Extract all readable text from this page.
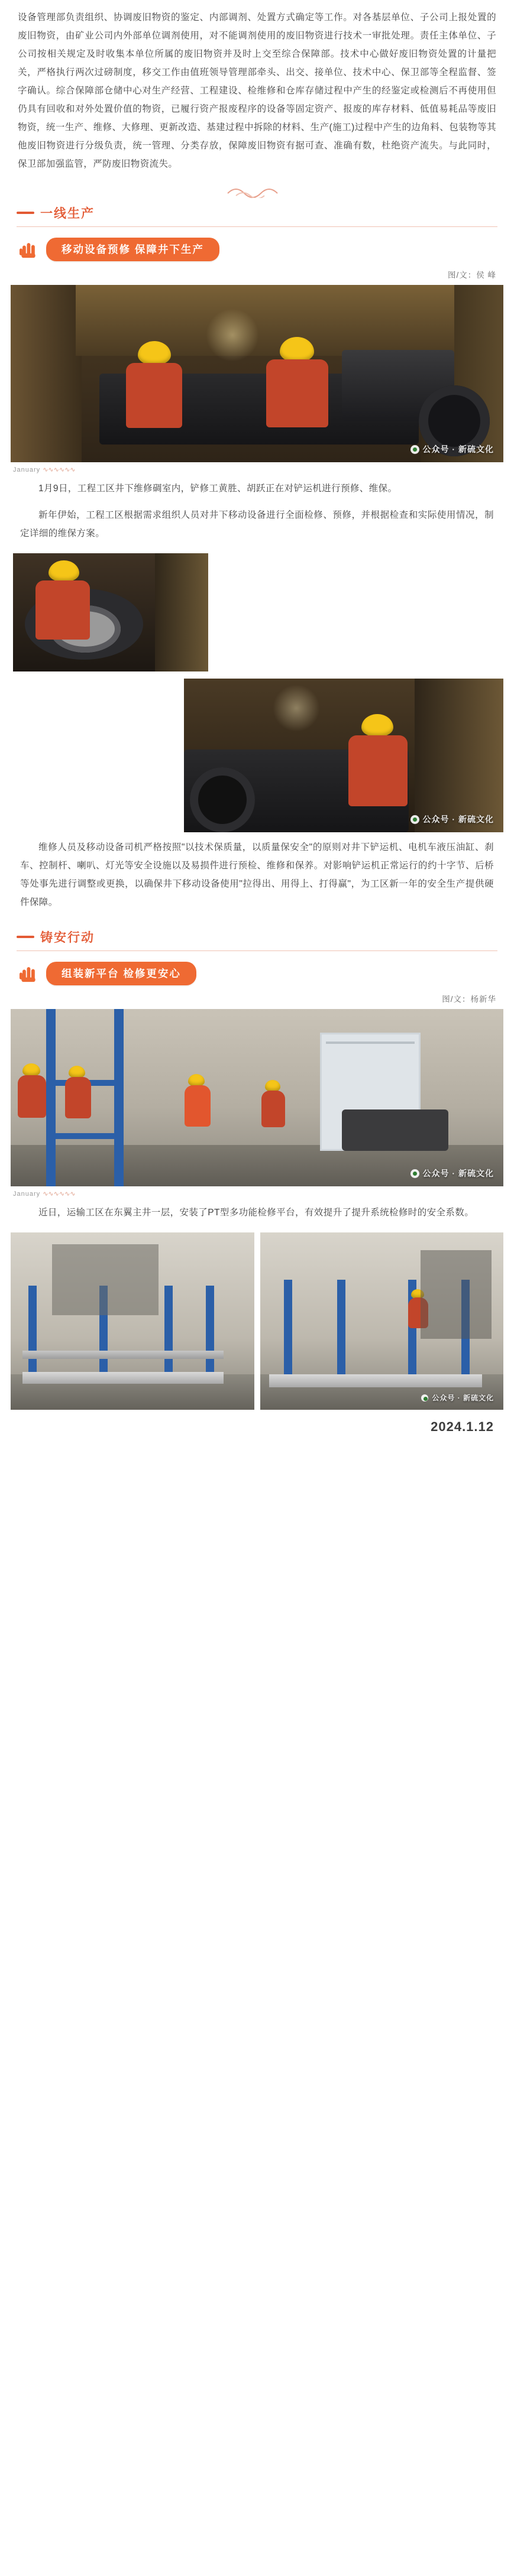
设备管理部负责组织、协调废旧物资的鉴定、内部调剂、处置方式确定等工作。对各基层单位、子公司上报处置的废旧物资，由矿业公司内外部单位调剂使用，对不能调剂使用的废旧物资进行技术一审批处理。责任主体单位、子公司按相关规定及时收集本单位所属的废旧物资并及时上交至综合保障部。技术中心做好废旧物资处置的计量把关，严格执行两次过磅制度，移交工作由值班领导管理部牵头、出交、接单位、技术中心、保卫部等全程监督、签字确认。综合保障部仓储中心对生产经营、工程建设、检维修和仓库存储过程中产生的经鉴定或检测后不再使用但仍具有回收和对外处置价值的物资，已履行资产报废程序的设备等固定资产、报废的库存材料、低值易耗品等废旧物资，统一生产、维修、大修理、更新改造、基建过程中拆除的材料、生产(施工)过程中产生的边角料、包装物等其他废旧物资进行分级负责，统一管理、分类存放，保障废旧物资有据可查、准确有数，杜绝资产流失。与此同时，保卫部加强监管，严防废旧物资流失。
一线生产
移动设备预修 保障井下生产
图/文：侯 峰
公众号 · 新硫文化
January ∿∿∿∿∿∿
1月9日，工程工区井下维修碉室内，铲修工黄胜、胡跃正在对铲运机进行预修、维保。
新年伊始，工程工区根据需求组织人员对井下移动设备进行全面检修、预修，并根据检查和实际使用情况，制定详细的维保方案。
公众号 · 新硫文化
维修人员及移动设备司机严格按照"以技术保质量，以质量保安全"的原则对井下铲运机、电机车液压油缸、刹车、控制杆、喇叭、灯光等安全设施以及易损件进行预检、维修和保养。对影响铲运机正常运行的约十字节、后桥等处事先进行调整或更换，以确保井下移动设备使用"拉得出、用得上、打得赢"，为工区新一年的安全生产提供硬件保障。
铸安行动
组装新平台 检修更安心
图/文：杨新华
公众号 · 新硫文化
January ∿∿∿∿∿∿
近日，运输工区在东翼主井一层，安装了PT型多功能检修平台，有效提升了提升系统检修时的安全系数。
公众号 · 新硫文化
2024.1.12
